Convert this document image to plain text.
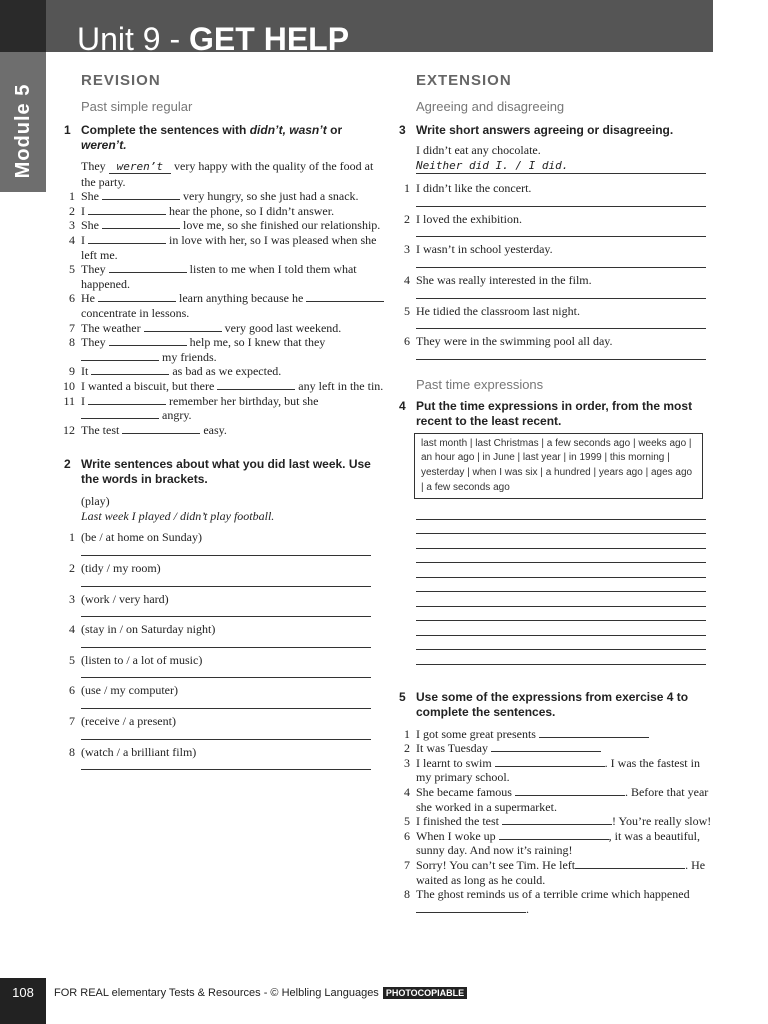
Unit 9 - GET HELP
Module 5
REVISION
Past simple regular
1 Complete the sentences with didn’t, wasn’t or
weren’t.
They weren’t very happy with the quality of the food at the party.
1 She	very hungry, so she just had a snack.
2 I	hear the phone, so I didn’t answer.
3 She	love me, so she finished our relationship.
4 I	in love with her, so I was pleased when she left me.
5 They	listen to me when I told them what happened.
6 He	learn anything because he  concentrate in lessons.
7 The weather	very good last weekend.
8 They	help me, so I knew that they  my friends.
9 It	as bad as we expected.
10 I wanted a biscuit, but there	any left in the tin.
11 I	remember her birthday, but she  angry.
12 The test	easy.
2 Write sentences about what you did last week. Use the words in brackets.
(play)
Last week I played / didn’t play football.
1 (be / at home on Sunday)
2 (tidy / my room)
3 (work / very hard)
4 (stay in / on Saturday night)
5 (listen to / a lot of music)
6 (use / my computer)
7 (receive / a present)
8 (watch / a brilliant film)
EXTENSION
Agreeing and disagreeing
3 Write short answers agreeing or disagreeing.
I didn’t eat any chocolate.
Neither did I. / I did.
1 I didn’t like the concert.
2 I loved the exhibition.
3 I wasn’t in school yesterday.
4 She was really interested in the film.
5 He tidied the classroom last night.
6 They were in the swimming pool all day.
Past time expressions
4 Put the time expressions in order, from the most recent to the least recent.
last month | last Christmas | a few seconds ago | weeks ago | an hour ago | in June | last year | in 1999 | this morning | yesterday | when I was six | a hundred | years ago | ages ago | a few seconds ago
5 Use some of the expressions from exercise 4 to complete the sentences.
1 I got some great presents
2 It was Tuesday
3 I learnt to swim	. I was the fastest in my primary school.
4 She became famous	. Before that year she worked in a supermarket.
5 I finished the test	! You’re really slow!
6 When I woke up	, it was a beautiful, sunny day. And now it’s raining!
7 Sorry! You can’t see Tim. He left	. He waited as long as he could.
8 The ghost reminds us of a terrible crime which happened .
108	FOR REAL elementary Tests & Resources - © Helbling Languages PHOTOCOPIABLE
